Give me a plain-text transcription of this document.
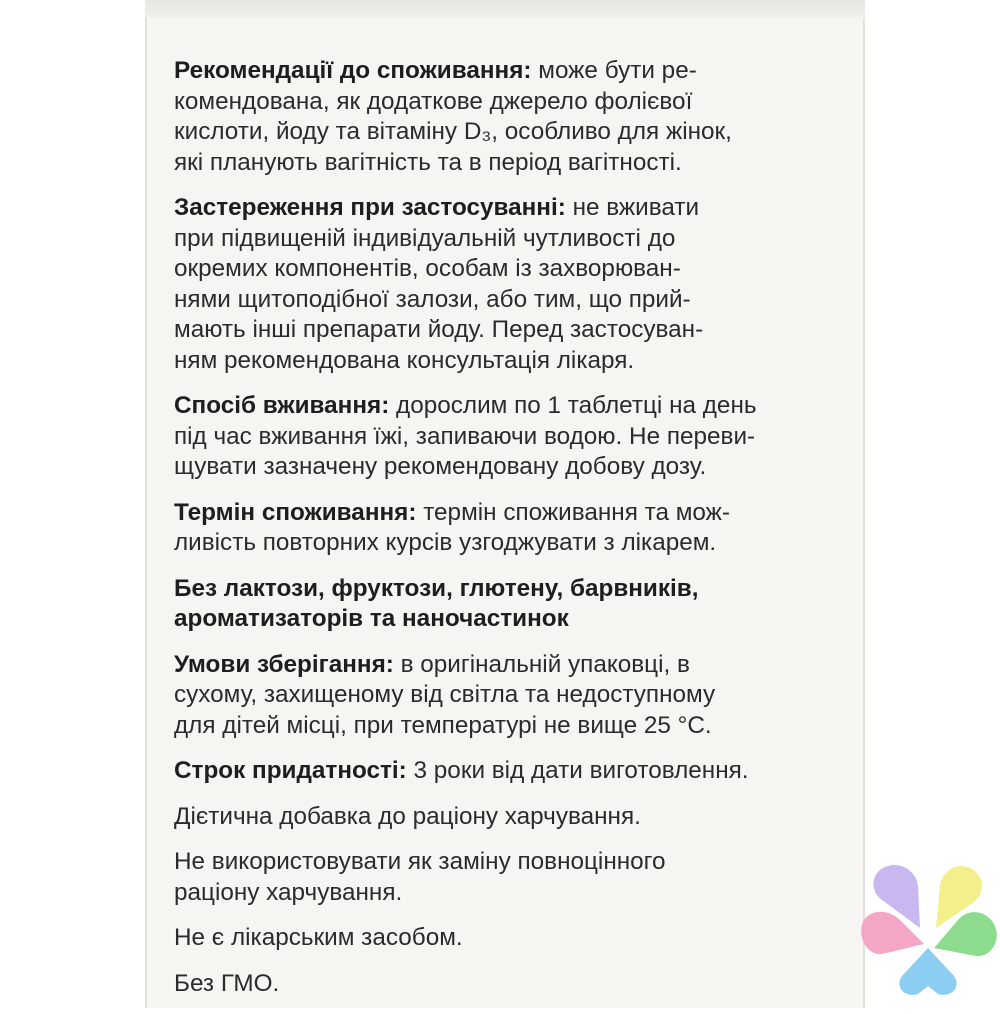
Рекомендації до споживання: може бути ре-
комендована, як додаткове джерело фолієвої
кислоти, йоду та вітаміну D₃, особливо для жінок,
які планують вагітність та в період вагітності.
Застереження при застосуванні: не вживати
при підвищеній індивідуальній чутливості до
окремих компонентів, особам із захворюван-
нями щитоподібної залози, або тим, що прий-
мають інші препарати йоду. Перед застосуван-
ням рекомендована консультація лікаря.
Спосіб вживання: дорослим по 1 таблетці на день
під час вживання їжі, запиваючи водою. Не переви-
щувати зазначену рекомендовану добову дозу.
Термін споживання: термін споживання та мож-
ливість повторних курсів узгоджувати з лікарем.
Без лактози, фруктози, глютену, барвників,
ароматизаторів та наночастинок
Умови зберігання: в оригінальній упаковці, в
сухому, захищеному від світла та недоступному
для дітей місці, при температурі не вище 25 °С.
Строк придатності: 3 роки від дати виготовлення.
Дієтична добавка до раціону харчування.
Не використовувати як заміну повноцінного
раціону харчування.
Не є лікарським засобом.
Без ГМО.
